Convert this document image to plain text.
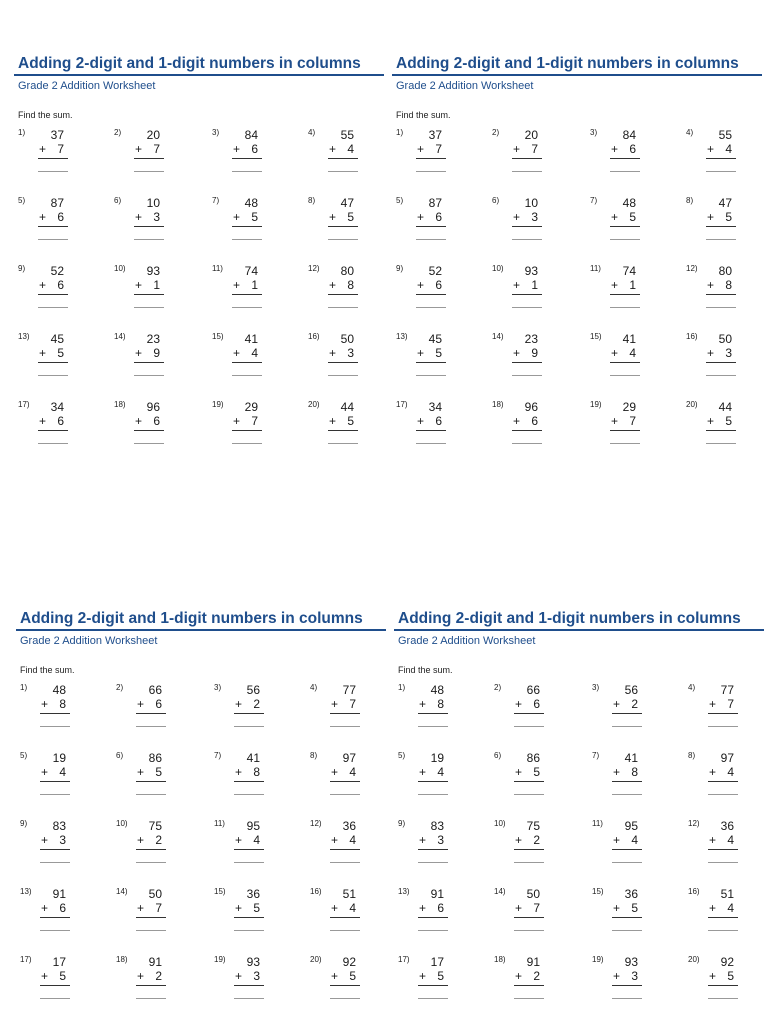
Adding 2-digit and 1-digit numbers in columns
Grade 2 Addition Worksheet
Find the sum.
1) 37
+ 7
2) 20
+ 7
3) 84
+ 6
4) 55
+ 4
5) 87
+ 6
6) 10
+ 3
7) 48
+ 5
8) 47
+ 5
9) 52
+ 6
10) 93
+ 1
11) 74
+ 1
12) 80
+ 8
13) 45
+ 5
14) 23
+ 9
15) 41
+ 4
16) 50
+ 3
17) 34
+ 6
18) 96
+ 6
19) 29
+ 7
20) 44
+ 5
Adding 2-digit and 1-digit numbers in columns
Grade 2 Addition Worksheet
Find the sum.
1) 37
+ 7
2) 20
+ 7
3) 84
+ 6
4) 55
+ 4
5) 87
+ 6
6) 10
+ 3
7) 48
+ 5
8) 47
+ 5
9) 52
+ 6
10) 93
+ 1
11) 74
+ 1
12) 80
+ 8
13) 45
+ 5
14) 23
+ 9
15) 41
+ 4
16) 50
+ 3
17) 34
+ 6
18) 96
+ 6
19) 29
+ 7
20) 44
+ 5
Adding 2-digit and 1-digit numbers in columns
Grade 2 Addition Worksheet
Find the sum.
1) 48
+ 8
2) 66
+ 6
3) 56
+ 2
4) 77
+ 7
5) 19
+ 4
6) 86
+ 5
7) 41
+ 8
8) 97
+ 4
9) 83
+ 3
10) 75
+ 2
11) 95
+ 4
12) 36
+ 4
13) 91
+ 6
14) 50
+ 7
15) 36
+ 5
16) 51
+ 4
17) 17
+ 5
18) 91
+ 2
19) 93
+ 3
20) 92
+ 5
Adding 2-digit and 1-digit numbers in columns
Grade 2 Addition Worksheet
Find the sum.
1) 48
+ 8
2) 66
+ 6
3) 56
+ 2
4) 77
+ 7
5) 19
+ 4
6) 86
+ 5
7) 41
+ 8
8) 97
+ 4
9) 83
+ 3
10) 75
+ 2
11) 95
+ 4
12) 36
+ 4
13) 91
+ 6
14) 50
+ 7
15) 36
+ 5
16) 51
+ 4
17) 17
+ 5
18) 91
+ 2
19) 93
+ 3
20) 92
+ 5
